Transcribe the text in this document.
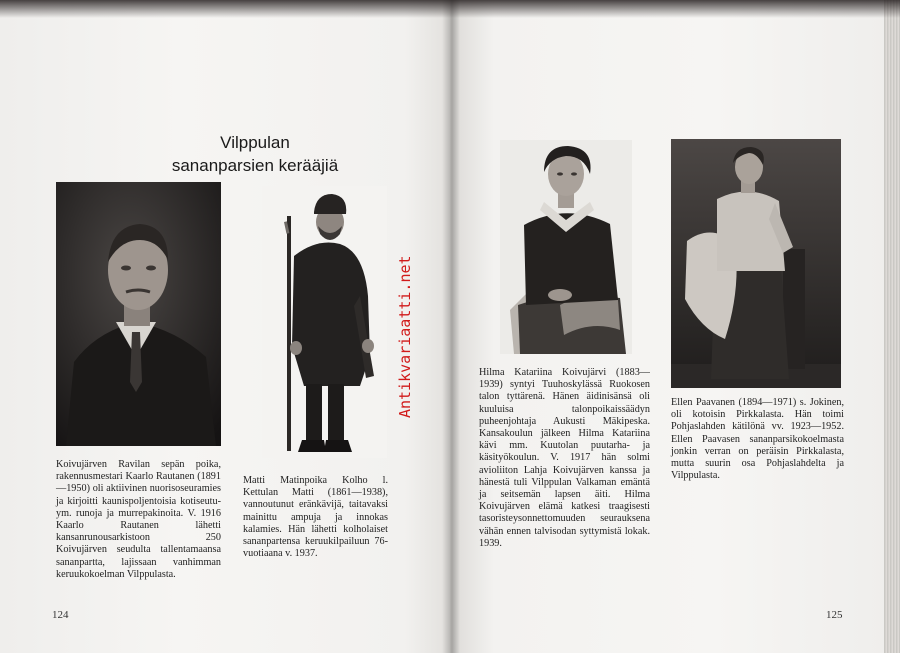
Vilppulan
sananparsien kerääjiä
Antikvariaatti.net
Koivujärven Ravilan sepän poika, rakennusmestari Kaarlo Rautanen (1891—1950) oli aktiivinen nuorisoseuramies ja kirjoitti kaunispoljentoisia kotiseutu- ym. runoja ja murrepakinoita. V. 1916 Kaarlo Rautanen lähetti kansanrunousarkistoon 250 Koivujärven seudulta tallentamaansa sananpartta, lajissaan vanhimman keruukokoelman Vilppulasta.
Matti Matinpoika Kolho l. Kettulan Matti (1861—1938), vannoutunut eränkävijä, taitavaksi mainittu ampuja ja innokas kalamies. Hän lähetti kolholaiset sananpartensa keruukilpailuun 76-vuotiaana v. 1937.
Hilma Katariina Koivujärvi (1883—1939) syntyi Tuuhoskylässä Ruokosen talon tyttärenä. Hänen äidinisänsä oli kuuluisa talonpoikaissäädyn puheenjohtaja Aukusti Mäkipeska. Kansakoulun jälkeen Hilma Katariina kävi mm. Kuutolan puutarha- ja käsityökoulun. V. 1917 hän solmi avioliiton Lahja Koivujärven kanssa ja hänestä tuli Vilppulan Valkaman emäntä ja seitsemän lapsen äiti. Hilma Koivujärven elämä katkesi traagisesti tasoristeysonnettomuuden seurauksena vähän ennen talvisodan syttymistä lokak. 1939.
Ellen Paavanen (1894—1971) s. Jokinen, oli kotoisin Pirkkalasta. Hän toimi Pohjaslahden kätilönä vv. 1923—1952. Ellen Paavasen sananparsikokoelmasta jonkin verran on peräisin Pirkkalasta, mutta suurin osa Pohjaslahdelta ja Vilppulasta.
124	125
